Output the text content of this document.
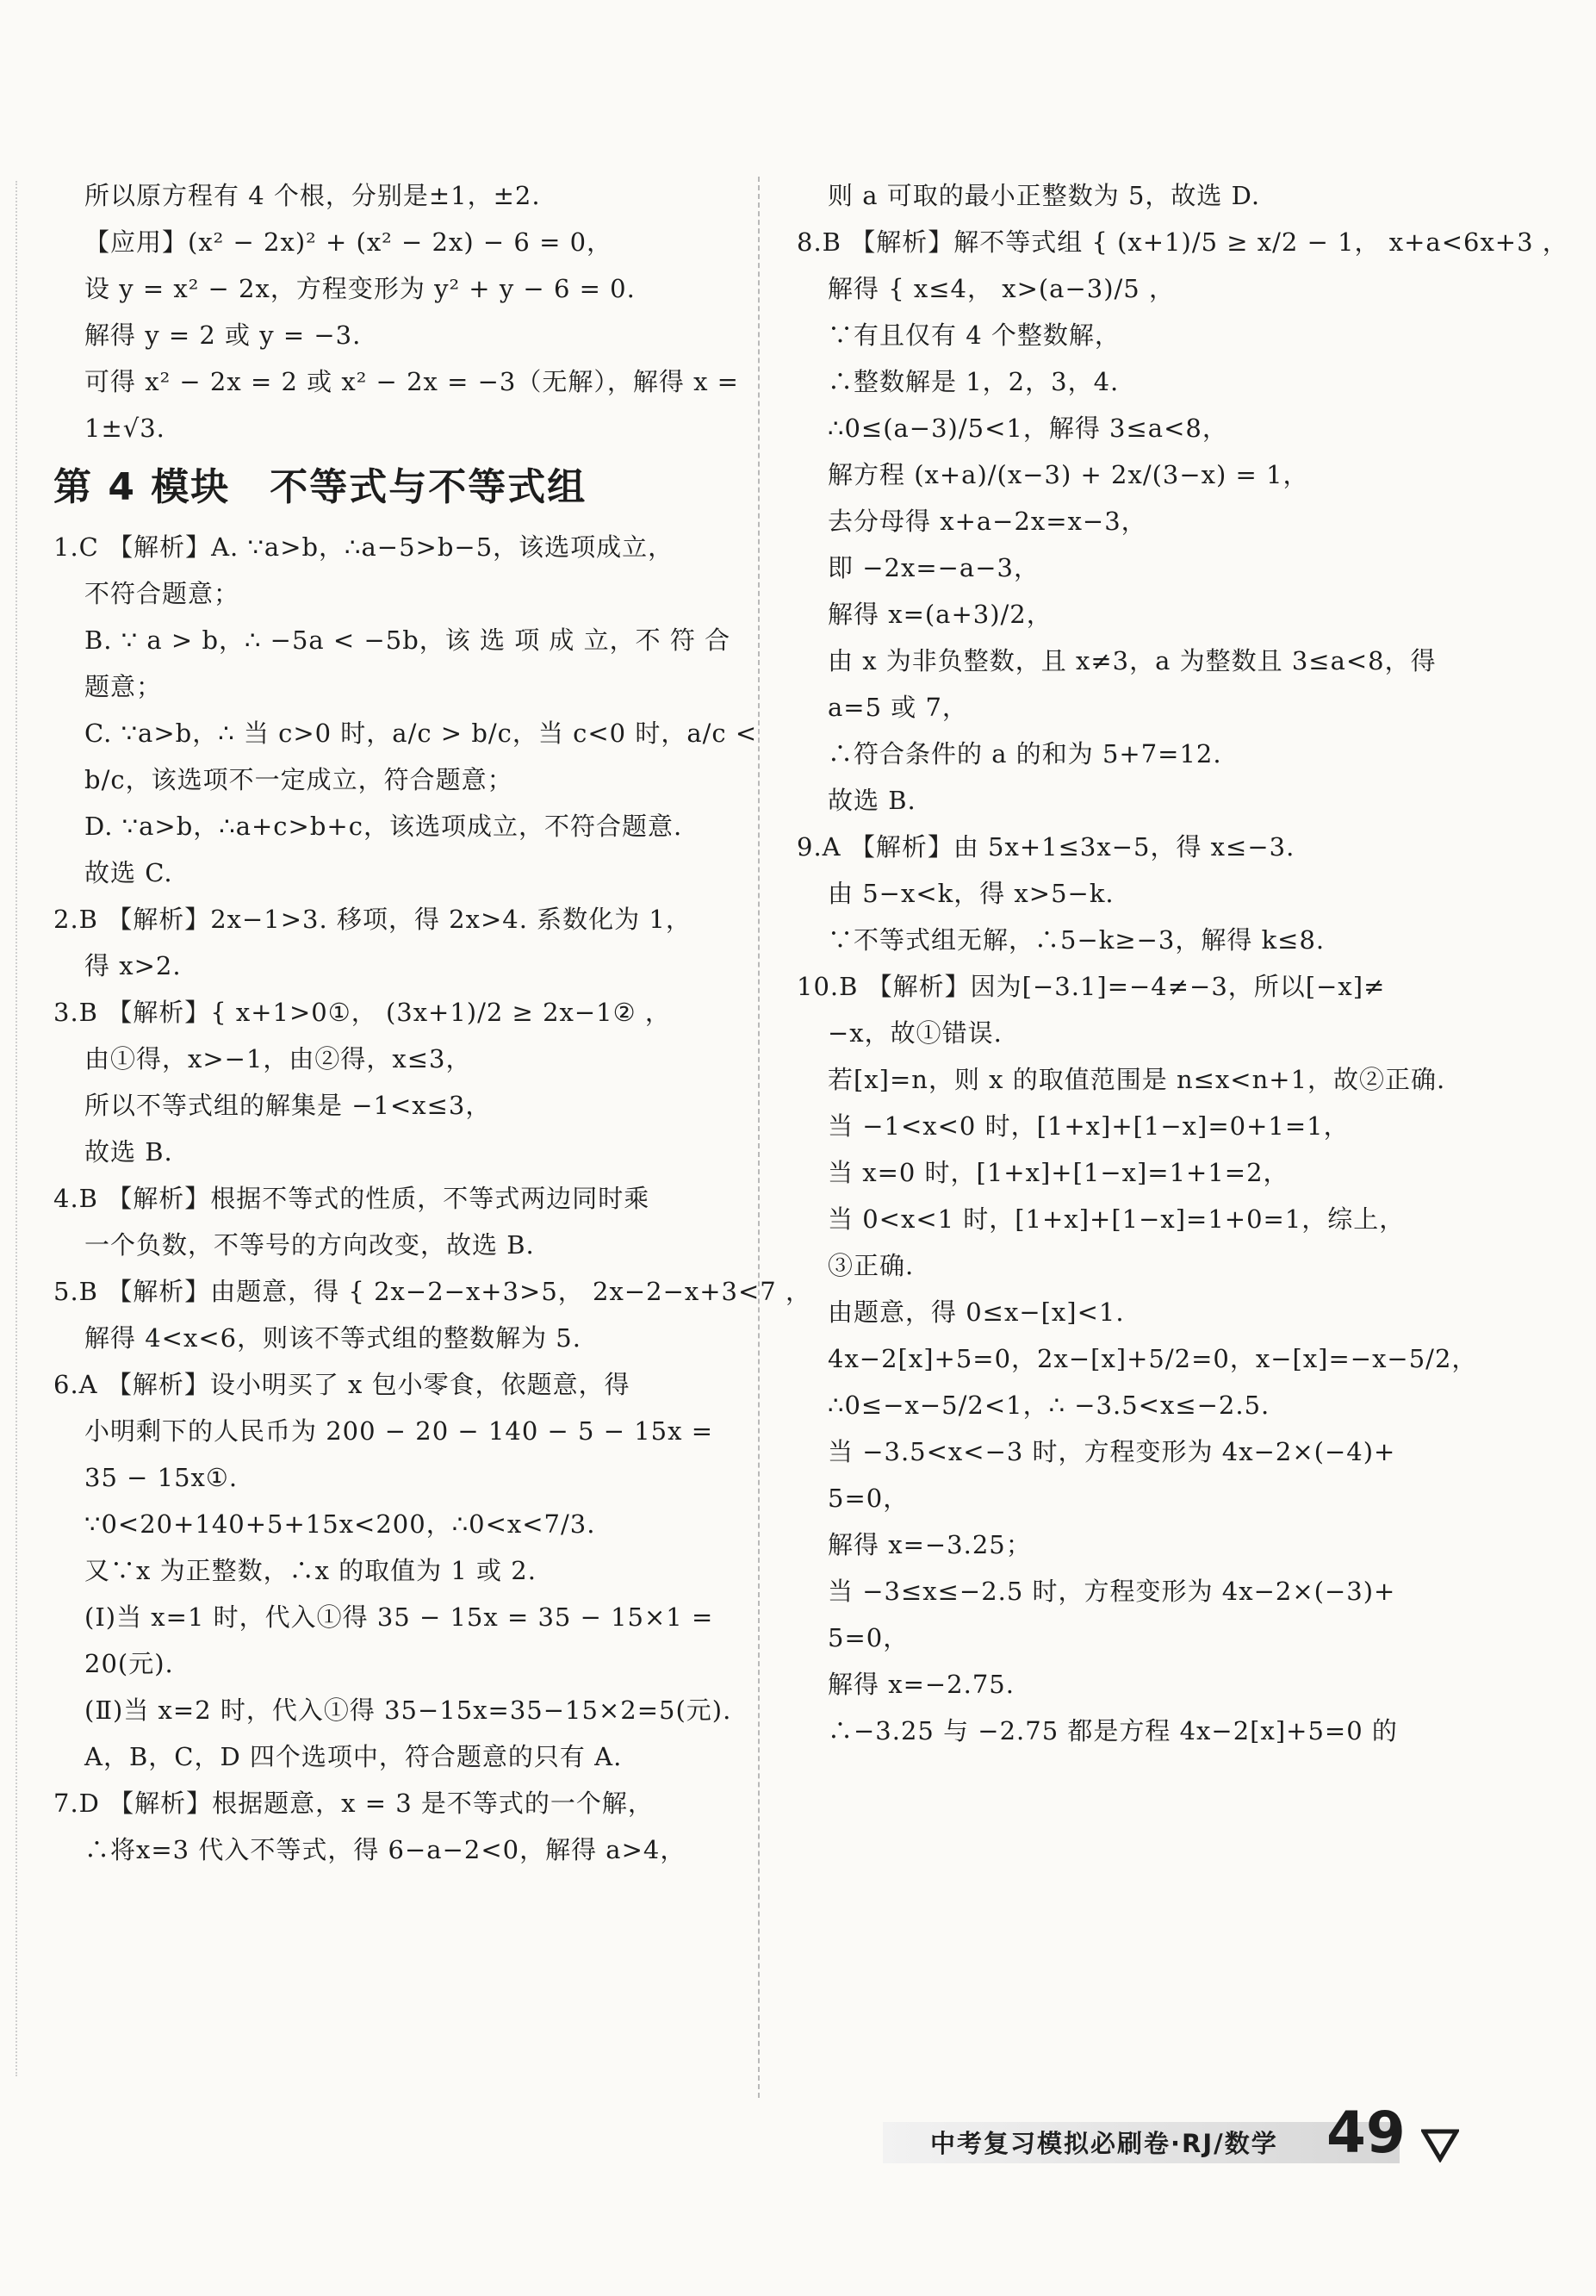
所以原方程有 4 个根，分别是±1，±2.
【应用】(x² − 2x)² + (x² − 2x) − 6 = 0，
设 y = x² − 2x，方程变形为 y² + y − 6 = 0.
解得 y = 2 或 y = −3.
可得 x² − 2x = 2 或 x² − 2x = −3（无解），解得 x =
1±√3.
第 4 模块　不等式与不等式组
1.C 【解析】A. ∵a>b，∴a−5>b−5，该选项成立，
不符合题意；
B. ∵ a > b，∴ −5a < −5b，该 选 项 成 立，不 符 合
题意；
C. ∵a>b，∴ 当 c>0 时，a/c > b/c，当 c<0 时，a/c <
b/c，该选项不一定成立，符合题意；
D. ∵a>b，∴a+c>b+c，该选项成立，不符合题意.
故选 C.
2.B 【解析】2x−1>3. 移项，得 2x>4. 系数化为 1，
得 x>2.
3.B 【解析】{ x+1>0①， (3x+1)/2 ≥ 2x−1② ，
由①得，x>−1，由②得，x≤3，
所以不等式组的解集是 −1<x≤3，
故选 B.
4.B 【解析】根据不等式的性质，不等式两边同时乘
一个负数，不等号的方向改变，故选 B.
5.B 【解析】由题意，得 { 2x−2−x+3>5， 2x−2−x+3<7 ，
解得 4<x<6，则该不等式组的整数解为 5.
6.A 【解析】设小明买了 x 包小零食，依题意，得
小明剩下的人民币为 200 − 20 − 140 − 5 − 15x =
35 − 15x①.
∵0<20+140+5+15x<200，∴0<x<7/3.
又∵x 为正整数，∴x 的取值为 1 或 2.
(Ⅰ)当 x=1 时，代入①得 35 − 15x = 35 − 15×1 =
20(元).
(Ⅱ)当 x=2 时，代入①得 35−15x=35−15×2=5(元).
A，B，C，D 四个选项中，符合题意的只有 A.
7.D 【解析】根据题意，x = 3 是不等式的一个解，
∴将x=3 代入不等式，得 6−a−2<0，解得 a>4，
则 a 可取的最小正整数为 5，故选 D.
8.B 【解析】解不等式组 { (x+1)/5 ≥ x/2 − 1， x+a<6x+3 ，
解得 { x≤4， x>(a−3)/5 ，
∵有且仅有 4 个整数解，
∴整数解是 1，2，3，4.
∴0≤(a−3)/5<1，解得 3≤a<8，
解方程 (x+a)/(x−3) + 2x/(3−x) = 1，
去分母得 x+a−2x=x−3，
即 −2x=−a−3，
解得 x=(a+3)/2，
由 x 为非负整数，且 x≠3，a 为整数且 3≤a<8，得
a=5 或 7，
∴符合条件的 a 的和为 5+7=12.
故选 B.
9.A 【解析】由 5x+1≤3x−5，得 x≤−3.
由 5−x<k，得 x>5−k.
∵不等式组无解，∴5−k≥−3，解得 k≤8.
10.B 【解析】因为[−3.1]=−4≠−3，所以[−x]≠
−x，故①错误.
若[x]=n，则 x 的取值范围是 n≤x<n+1，故②正确.
当 −1<x<0 时，[1+x]+[1−x]=0+1=1，
当 x=0 时，[1+x]+[1−x]=1+1=2，
当 0<x<1 时，[1+x]+[1−x]=1+0=1，综上，
③正确.
由题意，得 0≤x−[x]<1.
4x−2[x]+5=0，2x−[x]+5/2=0，x−[x]=−x−5/2，
∴0≤−x−5/2<1，∴ −3.5<x≤−2.5.
当 −3.5<x<−3 时，方程变形为 4x−2×(−4)+
5=0，
解得 x=−3.25；
当 −3≤x≤−2.5 时，方程变形为 4x−2×(−3)+
5=0，
解得 x=−2.75.
∴−3.25 与 −2.75 都是方程 4x−2[x]+5=0 的
中考复习模拟必刷卷·RJ/数学 49
